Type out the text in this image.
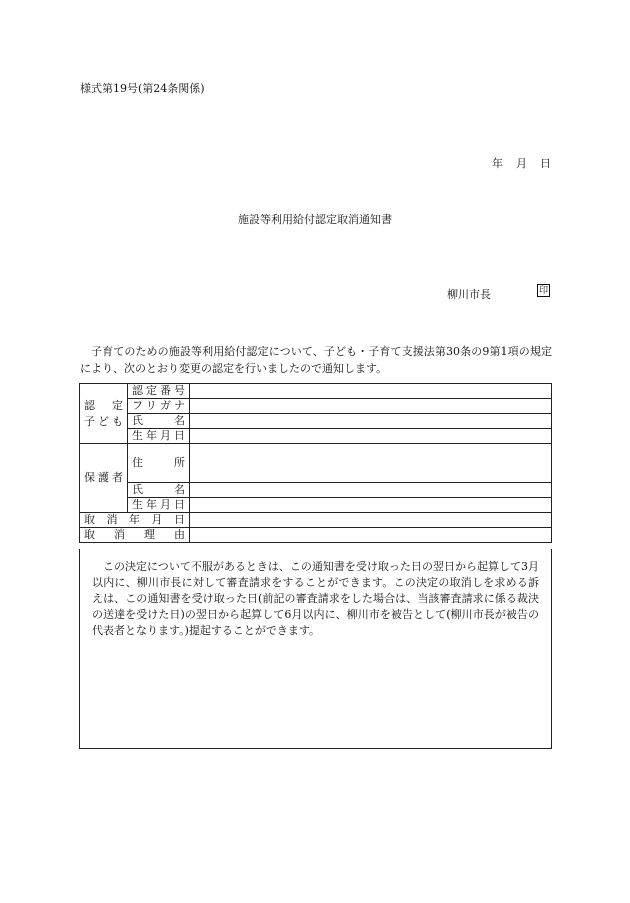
様式第19号(第24条関係)
年 月 日
施設等利用給付認定取消通知書
柳川市長	印
子育てのための施設等利用給付認定について、子ども・子育て支援法第30条の9第1項の規定により、次のとおり変更の認定を行いましたので通知します。
認　定
子ども	認定番号	
	フリガナ	
	氏　名	
	生年月日	
保護者	住　所	
	氏　名	
	生年月日	
取消年月日		
取消理由		
この決定について不服があるときは、この通知書を受け取った日の翌日から起算して3月以内に、柳川市長に対して審査請求をすることができます。この決定の取消しを求める訴えは、この通知書を受け取った日(前記の審査請求をした場合は、当該審査請求に係る裁決の送達を受けた日)の翌日から起算して6月以内に、柳川市を被告として(柳川市長が被告の代表者となります。)提起することができます。
